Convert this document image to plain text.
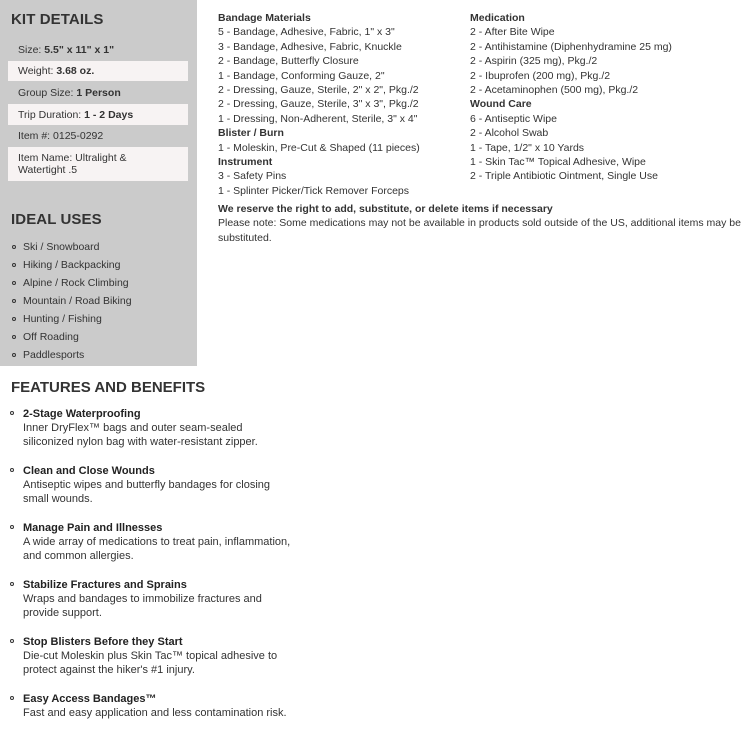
KIT DETAILS
Size: 5.5" x 11" x 1"
Weight: 3.68 oz.
Group Size: 1 Person
Trip Duration: 1 - 2 Days
Item #: 0125-0292
Item Name: Ultralight &
Watertight .5
IDEAL USES
Ski / Snowboard
Hiking / Backpacking
Alpine / Rock Climbing
Mountain / Road Biking
Hunting / Fishing
Off Roading
Paddlesports
Bandage Materials
5 - Bandage, Adhesive, Fabric, 1" x 3"
3 - Bandage, Adhesive, Fabric, Knuckle
2 - Bandage, Butterfly Closure
1 - Bandage, Conforming Gauze, 2"
2 - Dressing, Gauze, Sterile, 2" x 2", Pkg./2
2 - Dressing, Gauze, Sterile, 3" x 3", Pkg./2
1 - Dressing, Non-Adherent, Sterile, 3" x 4"
Blister / Burn
1 - Moleskin, Pre-Cut & Shaped (11 pieces)
Instrument
3 - Safety Pins
1 - Splinter Picker/Tick Remover Forceps
Medication
2 - After Bite Wipe
2 - Antihistamine (Diphenhydramine 25 mg)
2 - Aspirin (325 mg), Pkg./2
2 - Ibuprofen (200 mg), Pkg./2
2 - Acetaminophen (500 mg), Pkg./2
Wound Care
6 - Antiseptic Wipe
2 - Alcohol Swab
1 - Tape, 1/2" x 10 Yards
1 - Skin Tac™ Topical Adhesive, Wipe
2 - Triple Antibiotic Ointment, Single Use
We reserve the right to add, substitute, or delete items if necessary
Please note: Some medications may not be available in products sold outside of the US, additional items may be substituted.
FEATURES AND BENEFITS
2-Stage Waterproofing
Inner DryFlex™ bags and outer seam-sealed siliconized nylon bag with water-resistant zipper.
Clean and Close Wounds
Antiseptic wipes and butterfly bandages for closing small wounds.
Manage Pain and Illnesses
A wide array of medications to treat pain, inflammation, and common allergies.
Stabilize Fractures and Sprains
Wraps and bandages to immobilize fractures and provide support.
Stop Blisters Before they Start
Die-cut Moleskin plus Skin Tac™ topical adhesive to protect against the hiker's #1 injury.
Easy Access Bandages™
Fast and easy application and less contamination risk.
